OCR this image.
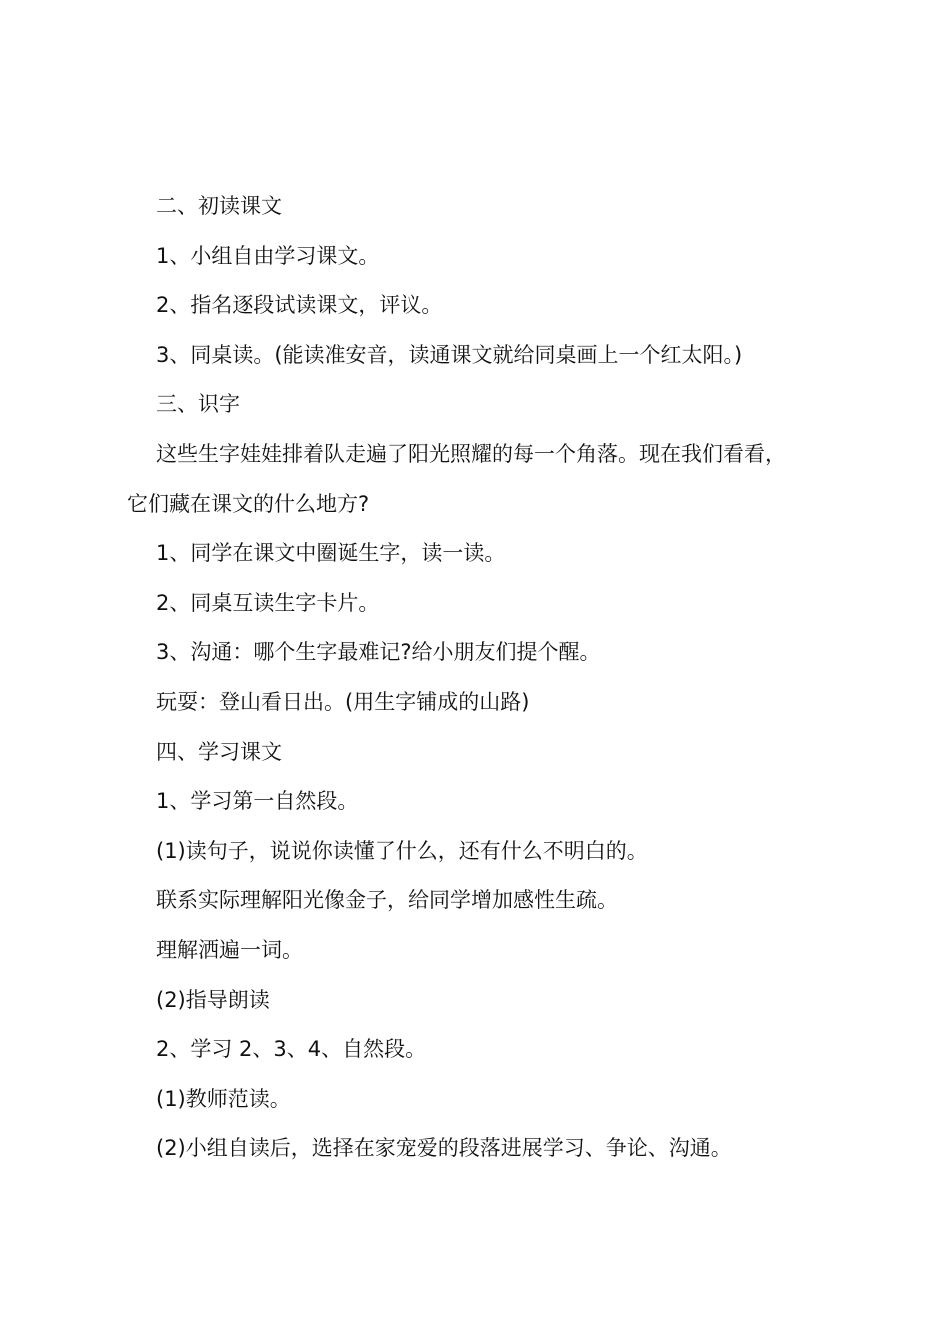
二、初读课文
1、小组自由学习课文。
2、指名逐段试读课文，评议。
3、同桌读。(能读准安音，读通课文就给同桌画上一个红太阳。)
三、识字
这些生字娃娃排着队走遍了阳光照耀的每一个角落。现在我们看看，
它们藏在课文的什么地方?
1、同学在课文中圈诞生字，读一读。
2、同桌互读生字卡片。
3、沟通：哪个生字最难记?给小朋友们提个醒。
玩耍：登山看日出。(用生字铺成的山路)
四、学习课文
1、学习第一自然段。
(1)读句子，说说你读懂了什么，还有什么不明白的。
联系实际理解阳光像金子，给同学增加感性生疏。
理解洒遍一词。
(2)指导朗读
2、学习 2、3、4、自然段。
(1)教师范读。
(2)小组自读后，选择在家宠爱的段落进展学习、争论、沟通。
